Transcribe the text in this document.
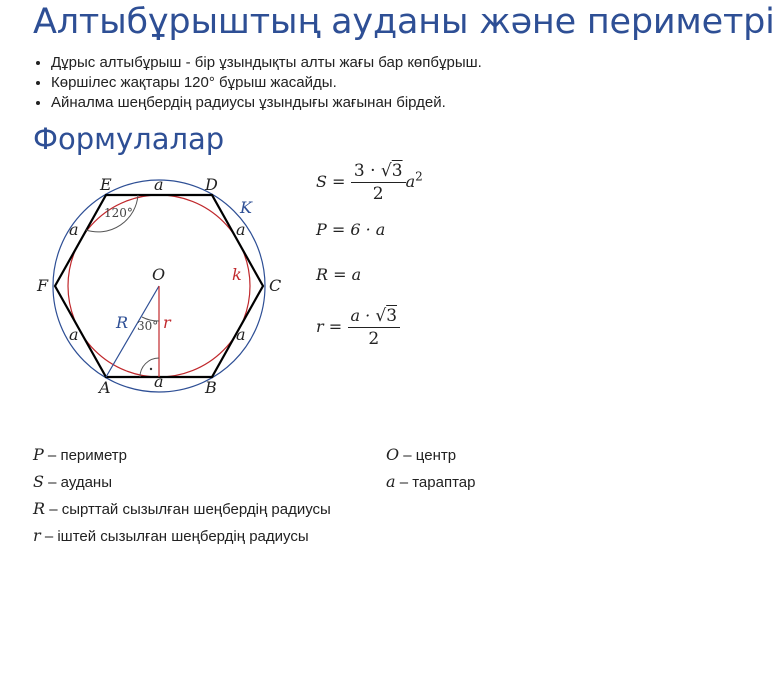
Алтыбұрыштың ауданы және периметрі
• Дұрыс алтыбұрыш - бір ұзындықты алты жағы бар көпбұрыш.
• Көршілес жақтары 120° бұрыш жасайды.
• Айналма шеңбердің радиусы ұзындығы жағынан бірдей.
Формулалар
E	D
F	C
A	B
O
a
a	a
a	a
a
K
k
R r
120°
30°
$S = \frac{3 \cdot √3}{2} a^2$
P = 6 · a
R = a
$r = \frac{a \cdot √3}{2}$
P – периметр
S – ауданы
R – сырттай сызылған шеңбердің радиусы
r – іштей сызылған шеңбердің радиусы
O – центр
a – тараптар
